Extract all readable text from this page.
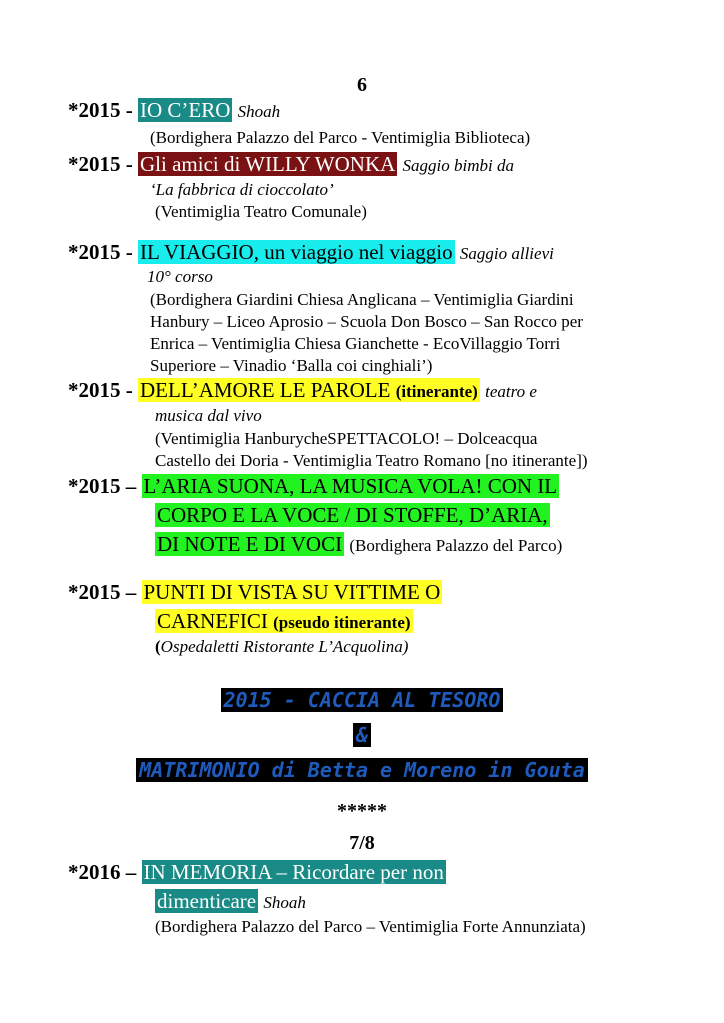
6
*2015 - IO C’ERO Shoah
(Bordighera Palazzo del Parco - Ventimiglia Biblioteca)
*2015 - Gli amici di WILLY WONKA Saggio bimbi da
‘La fabbrica di cioccolato’
(Ventimiglia Teatro Comunale)
*2015 - IL VIAGGIO, un viaggio nel viaggio Saggio allievi
10° corso
(Bordighera Giardini Chiesa Anglicana – Ventimiglia Giardini
Hanbury – Liceo Aprosio – Scuola Don Bosco – San Rocco per
Enrica – Ventimiglia Chiesa Gianchette - EcoVillaggio Torri
Superiore – Vinadio ‘Balla coi cinghiali’)
*2015 - DELL’AMORE LE PAROLE (itinerante) teatro e
musica dal vivo
(Ventimiglia HanburycheSPETTACOLO! – Dolceacqua
Castello dei Doria - Ventimiglia Teatro Romano [no itinerante])
*2015 – L’ARIA SUONA, LA MUSICA VOLA! CON IL
CORPO E LA VOCE / DI STOFFE, D’ARIA,
DI NOTE E DI VOCI (Bordighera Palazzo del Parco)
*2015 – PUNTI DI VISTA SU VITTIME O
CARNEFICI (pseudo itinerante)
(Ospedaletti Ristorante L’Acquolina)
2015 - CACCIA AL TESORO
&
MATRIMONIO di Betta e Moreno in Gouta
*****
7/8
*2016 – IN MEMORIA – Ricordare per non
dimenticare Shoah
(Bordighera Palazzo del Parco – Ventimiglia Forte Annunziata)
